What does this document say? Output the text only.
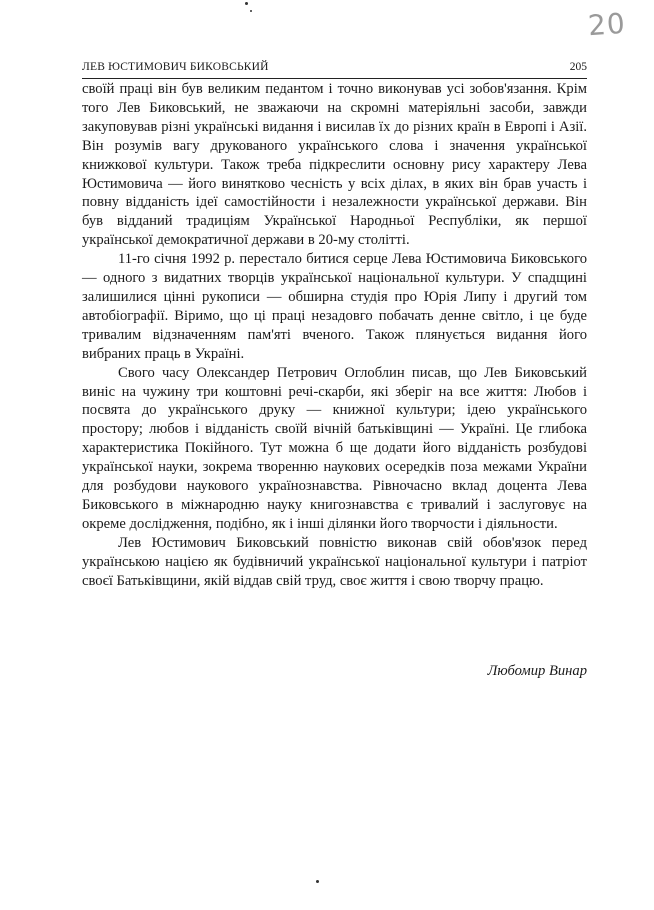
20
ЛЕВ ЮСТИМОВИЧ БИКОВСЬКИЙ	205

своїй праці він був великим педантом і точно виконував усі зобов'язання. Крім того Лев Биковський, не зважаючи на скромні матеріяльні засоби, завжди закуповував різні українські видання і висилав їх до різних країн в Европі і Азії. Він розумів вагу друкованого українського слова і значення української книжкової культури. Також треба підкреслити основну рису характеру Лева Юстимовича — його винятково чесність у всіх ділах, в яких він брав участь і повну відданість ідеї самостійности і незалежности української держави. Він був відданий традиціям Української Народньої Республіки, як першої української демократичної держави в 20-му столітті.

11-го січня 1992 р. перестало битися серце Лева Юстимовича Биковського — одного з видатних творців української національної культури. У спадщині залишилися цінні рукописи — обширна студія про Юрія Липу і другий том автобіографії. Віримо, що ці праці незадовго побачать денне світло, і це буде тривалим відзначенням пам'яті вченого. Також плянується видання його вибраних праць в Україні.

Свого часу Олександер Петрович Оглоблин писав, що Лев Биковський виніс на чужину три коштовні речі-скарби, які зберіг на все життя: Любов і посвята до українського друку — книжної культури; ідею українського простору; любов і відданість своїй вічній батьківщині — Україні. Це глибока характеристика Покійного. Тут можна б ще додати його відданість розбудові української науки, зокрема творенню наукових осередків поза межами України для розбудови наукового українознавства. Рівночасно вклад доцента Лева Биковського в міжнародню науку книгознавства є тривалий і заслуговує на окреме дослідження, подібно, як і інші ділянки його творчости і діяльности.

Лев Юстимович Биковський повністю виконав свій обов'язок перед українською нацією як будівничий української національної культури і патріот своєї Батьківщини, якій віддав свій труд, своє життя і свою творчу працю.

Любомир Винар
